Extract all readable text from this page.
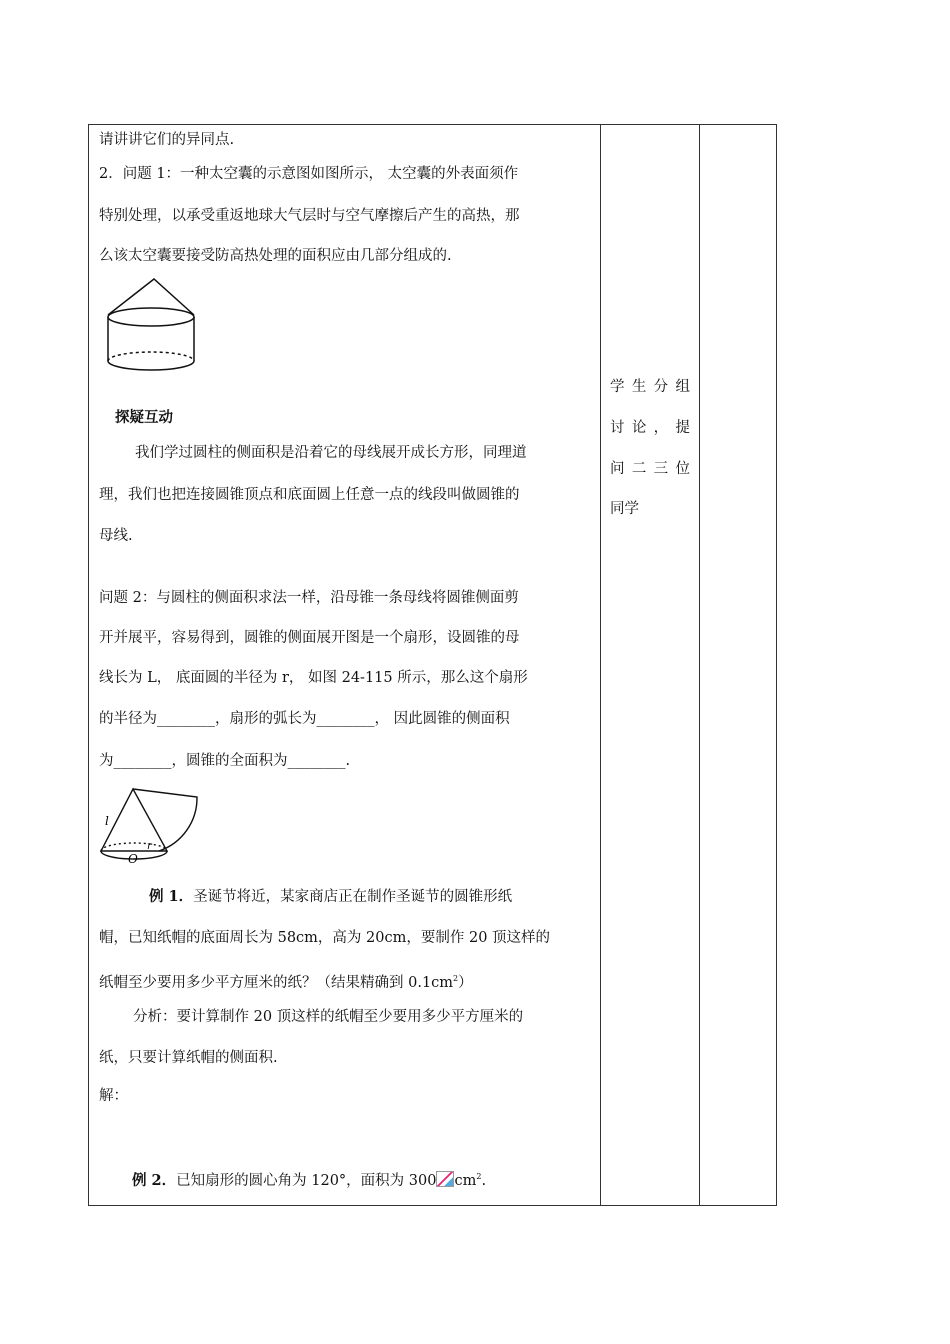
请讲讲它们的异同点.
2．问题 1：一种太空囊的示意图如图所示， 太空囊的外表面须作
特别处理，以承受重返地球大气层时与空气摩擦后产生的高热，那
么该太空囊要接受防高热处理的面积应由几部分组成的.
探疑互动
我们学过圆柱的侧面积是沿着它的母线展开成长方形，同理道
理，我们也把连接圆锥顶点和底面圆上任意一点的线段叫做圆锥的
母线.
问题 2：与圆柱的侧面积求法一样，沿母锥一条母线将圆锥侧面剪
开并展平，容易得到，圆锥的侧面展开图是一个扇形，设圆锥的母
线长为 L， 底面圆的半径为 r， 如图 24-115 所示，那么这个扇形
的半径为________，扇形的弧长为________， 因此圆锥的侧面积
为________，圆锥的全面积为________.
l
r
O
例 1．圣诞节将近，某家商店正在制作圣诞节的圆锥形纸
帽，已知纸帽的底面周长为 58cm，高为 20cm，要制作 20 顶这样的
纸帽至少要用多少平方厘米的纸？（结果精确到 $0.1cm^2$）
分析：要计算制作 20 顶这样的纸帽至少要用多少平方厘米的
纸，只要计算纸帽的侧面积.
解：
例 2．已知扇形的圆心角为 120°，面积为 300 $cm^2$.
学 生 分 组
讨 论 ， 提
问 二 三 位
同学
